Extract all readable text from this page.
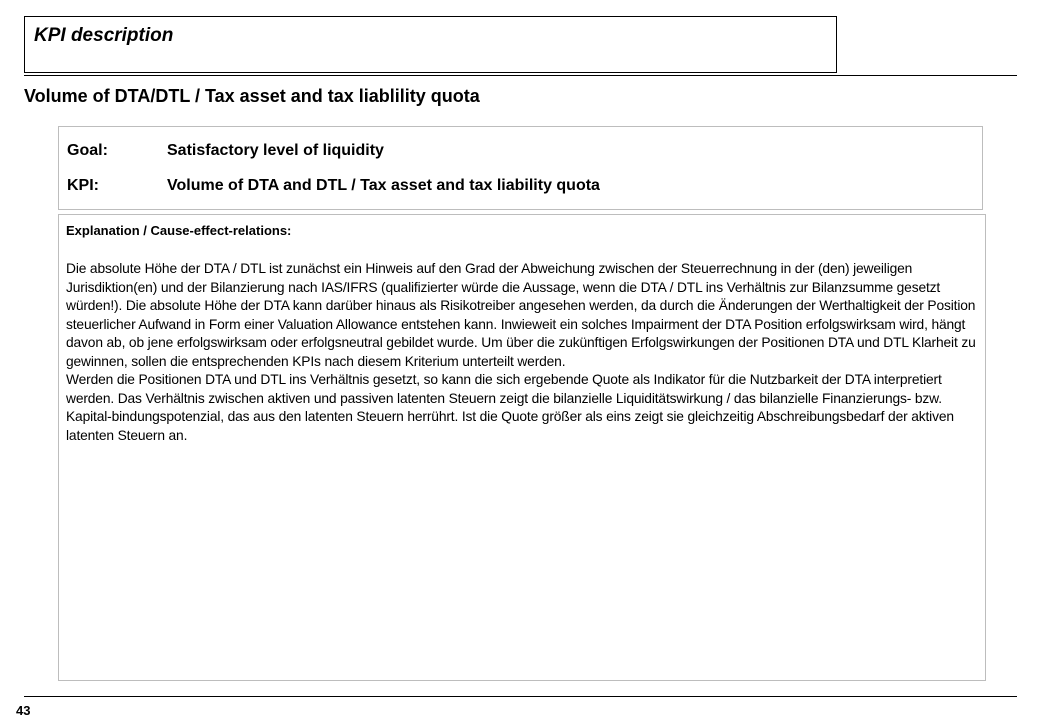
KPI description
Volume of DTA/DTL / Tax asset and tax liablility quota
Goal:	Satisfactory level of liquidity
KPI:	Volume of DTA and DTL / Tax asset and tax liability quota
Explanation / Cause-effect-relations:

Die absolute Höhe der DTA / DTL ist zunächst ein Hinweis auf den Grad der Abweichung zwischen der Steuerrechnung in der (den) jeweiligen Jurisdiktion(en) und der Bilanzierung nach IAS/IFRS (qualifizierter würde die Aussage, wenn die DTA / DTL ins Verhältnis zur Bilanzsumme gesetzt würden!). Die absolute Höhe der DTA kann darüber hinaus als Risikotreiber angesehen werden, da durch die Änderungen der Werthaltigkeit der Position steuerlicher Aufwand in Form einer Valuation Allowance entstehen kann. Inwieweit ein solches Impairment der DTA Position erfolgswirksam wird, hängt davon ab, ob jene erfolgswirksam oder erfolgsneutral gebildet wurde. Um über die zukünftigen Erfolgswirkungen der Positionen DTA und DTL Klarheit zu gewinnen, sollen die entsprechenden KPIs nach diesem Kriterium unterteilt werden.

Werden die Positionen DTA und DTL ins Verhältnis gesetzt, so kann die sich ergebende Quote als Indikator für die Nutzbarkeit der DTA interpretiert werden. Das Verhältnis zwischen aktiven und passiven latenten Steuern zeigt die bilanzielle Liquiditätswirkung / das bilanzielle Finanzierungs- bzw. Kapital-bindungspotenzial, das aus den latenten Steuern herrührt. Ist die Quote größer als eins zeigt sie gleichzeitig Abschreibungsbedarf der aktiven latenten Steuern an.

43
